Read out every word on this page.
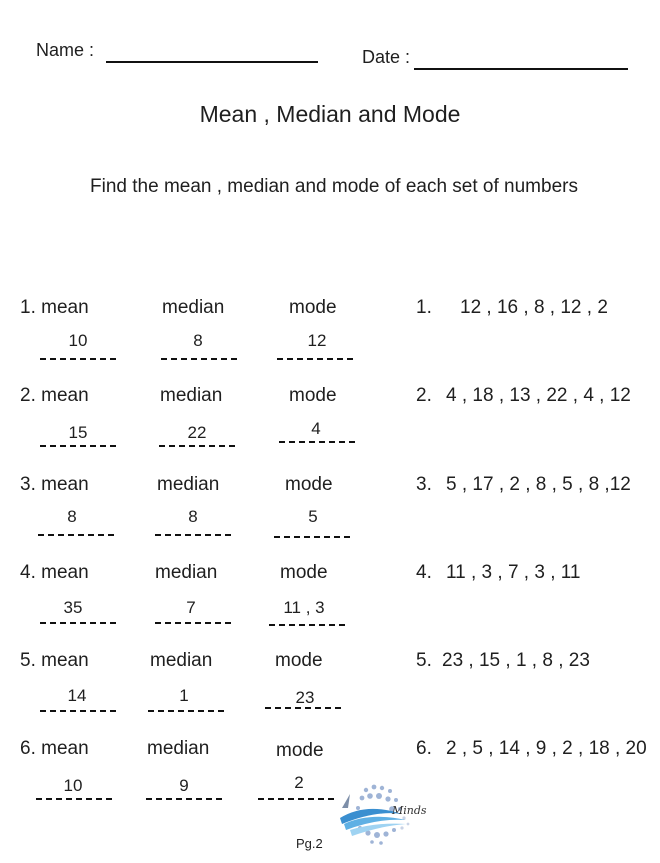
Name :	Date :
Mean , Median and Mode
Find the mean , median and mode of each set of numbers
1. mean	median	mode	1. 12 , 16 , 8 , 12 , 2
10	8	12
2. mean	median	mode	2. 4 , 18 , 13 , 22 , 4 , 12
15	22	4
3. mean	median	mode	3. 5 , 17 , 2 , 8 , 5 , 8 ,12
8	8	5
4. mean	median	mode	4. 11 , 3 , 7 , 3 , 11
35	7	11 , 3
5. mean	median	mode	5. 23 , 15 , 1 , 8 , 23
14	1	23
6. mean	median	mode	6. 2 , 5 , 14 , 9 , 2 , 18 , 20
10	9	2
Minds
Pg.2
